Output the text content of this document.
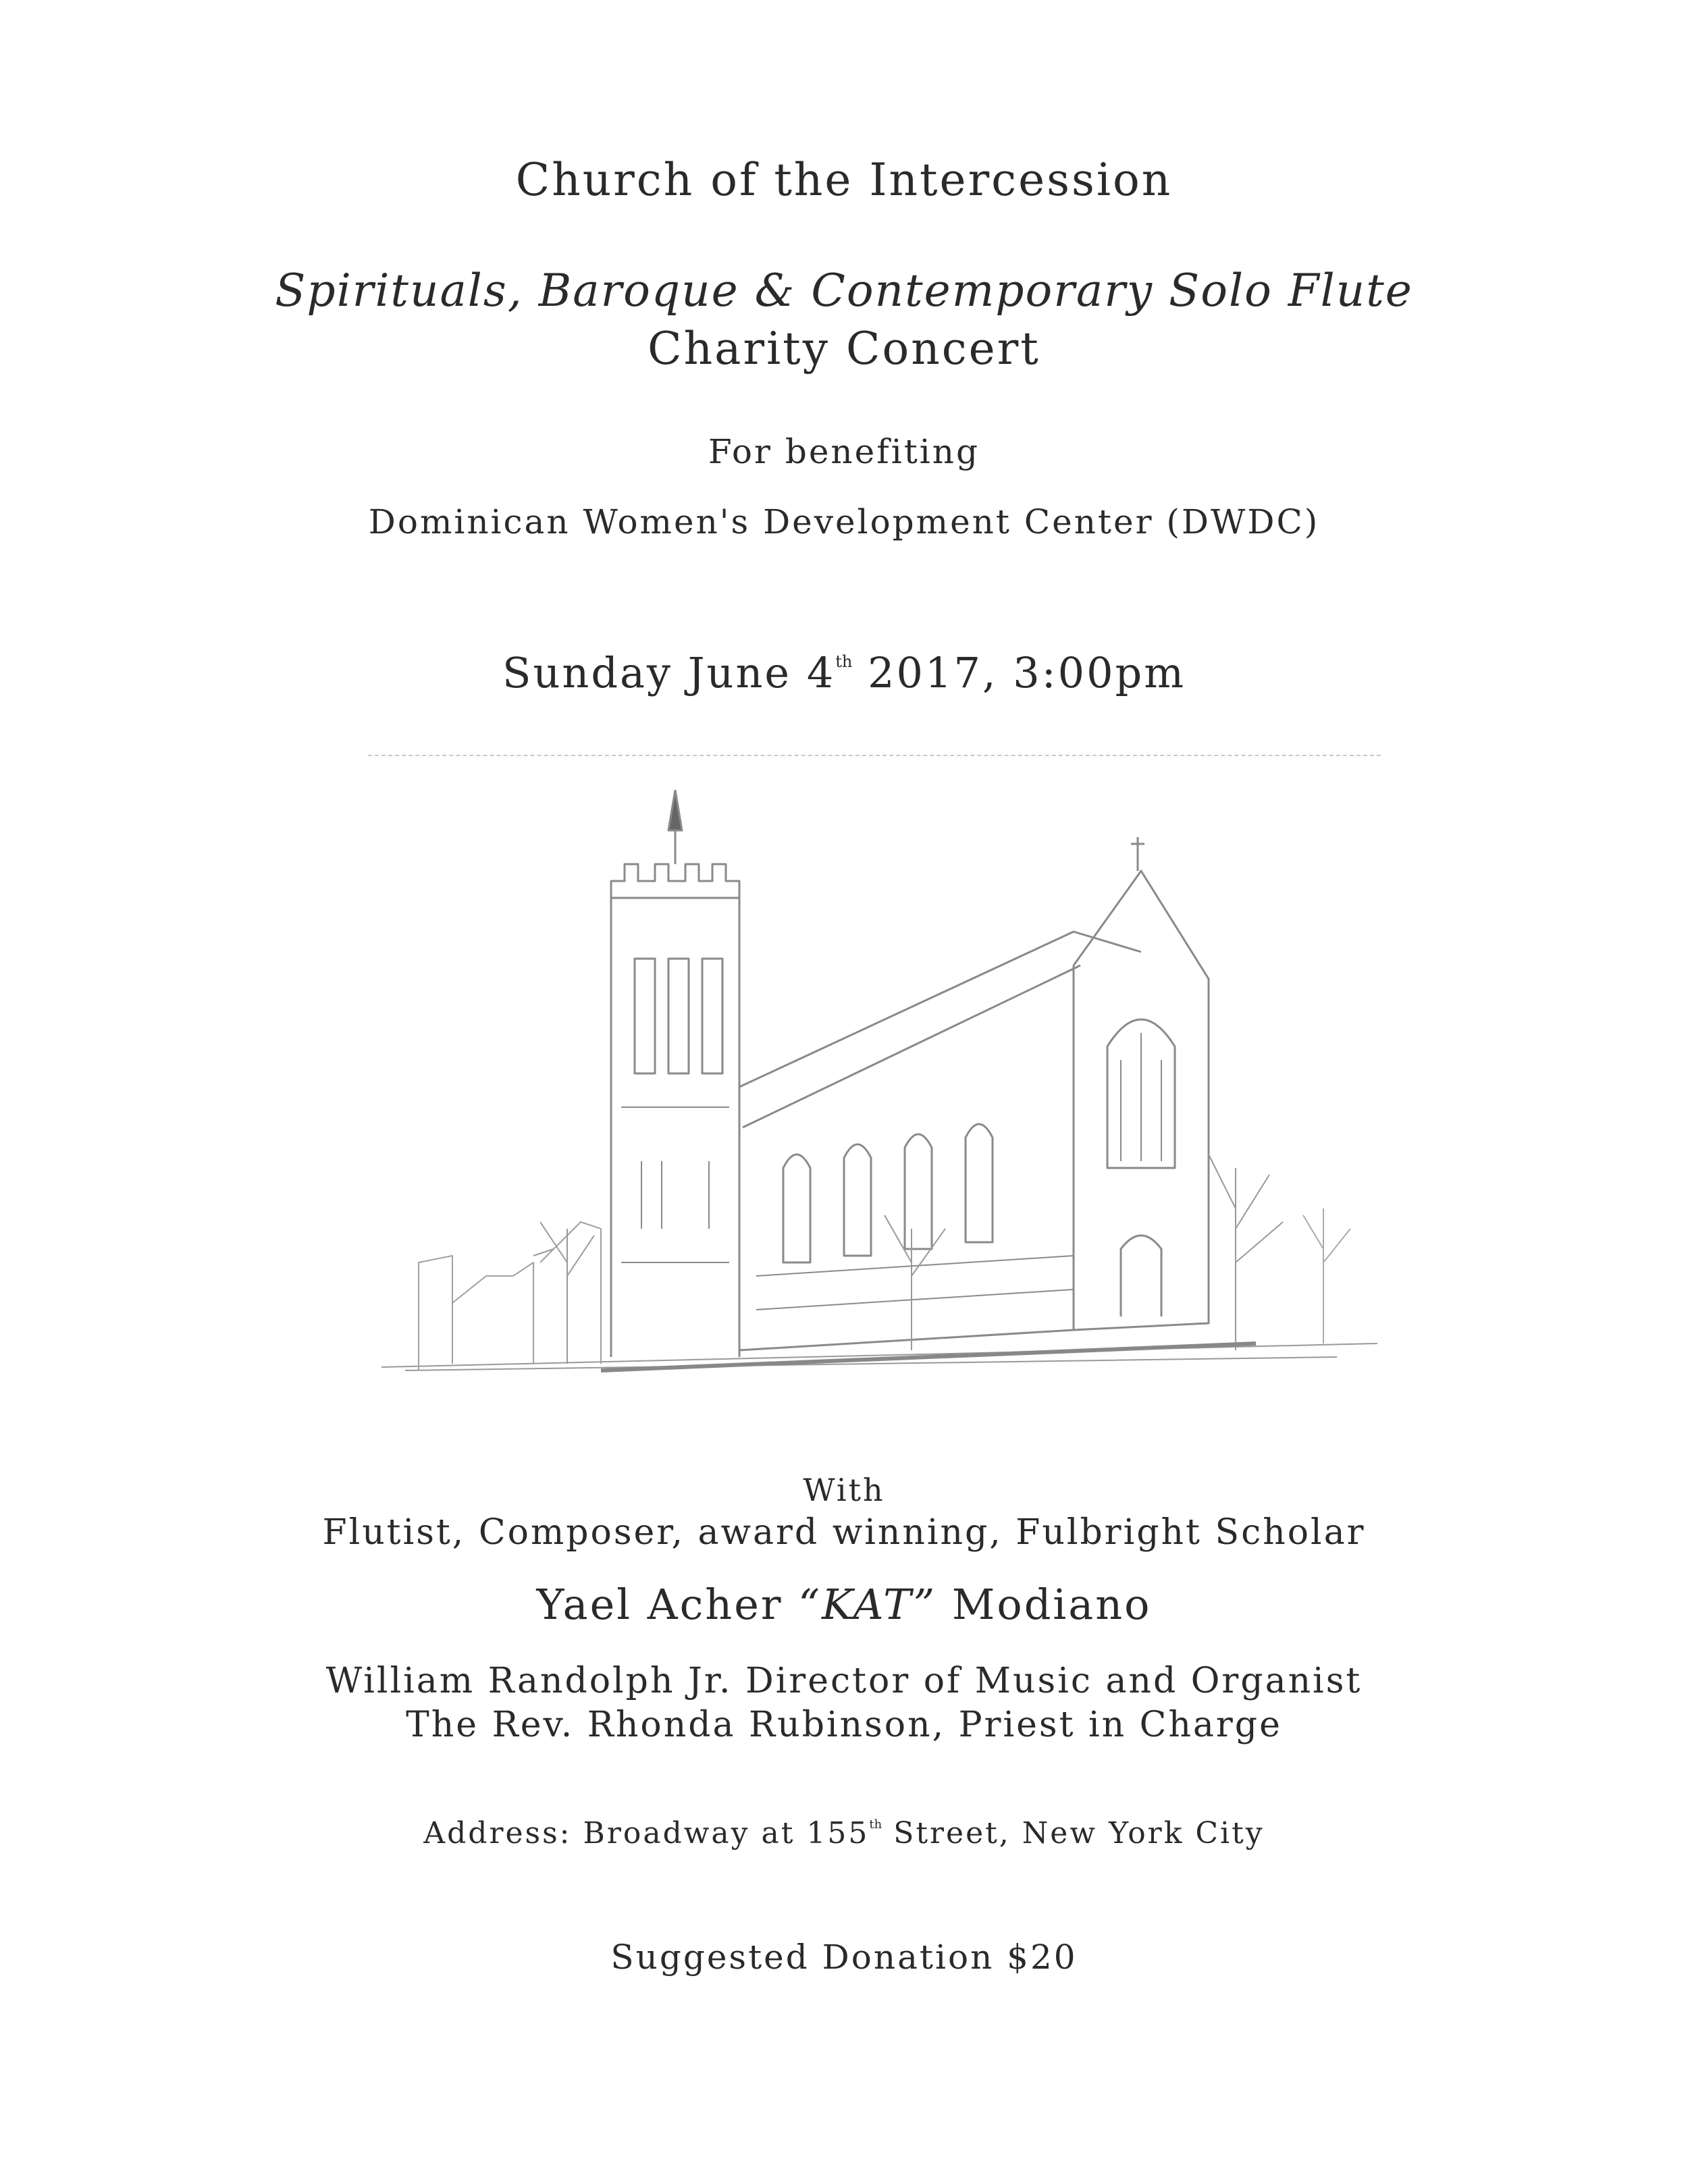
Church of the Intercession
Spirituals, Baroque & Contemporary Solo Flute
Charity Concert
For benefiting
Dominican Women's Development Center (DWDC)
Sunday June 4th 2017, 3:00pm
With
Flutist, Composer, award winning, Fulbright Scholar
Yael Acher “KAT” Modiano
William Randolph Jr. Director of Music and Organist
The Rev. Rhonda Rubinson, Priest in Charge
Address: Broadway at 155th Street, New York City
Suggested Donation $20
